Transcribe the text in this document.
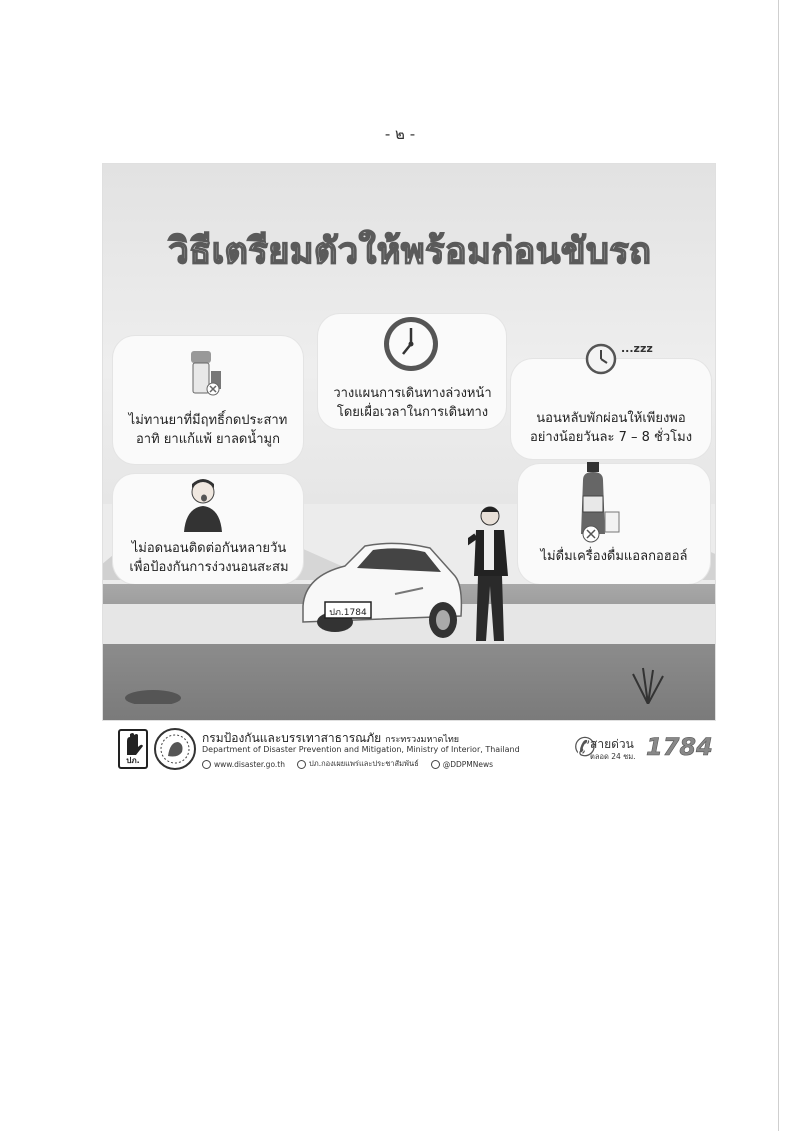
- ๒ -
วิธีเตรียมตัวให้พร้อมก่อนขับรถ
ไม่ทานยาที่มีฤทธิ์กดประสาท
อาทิ ยาแก้แพ้ ยาลดน้ำมูก
วางแผนการเดินทางล่วงหน้า
โดยเผื่อเวลาในการเดินทาง
...zzz
นอนหลับพักผ่อนให้เพียงพอ
อย่างน้อยวันละ 7 – 8 ชั่วโมง
ไม่อดนอนติดต่อกันหลายวัน
เพื่อป้องกันการง่วงนอนสะสม
ไม่ดื่มเครื่องดื่มแอลกอฮอล์
ปภ.1784
ปภ.
กรมป้องกันและบรรเทาสาธารณภัย กระทรวงมหาดไทย
Department of Disaster Prevention and Mitigation, Ministry of Interior, Thailand
www.disaster.go.th	ปภ.กองเผยแพร่และประชาสัมพันธ์	@DDPMNews
✆
สายด่วน
ตลอด 24 ชม. 1784
